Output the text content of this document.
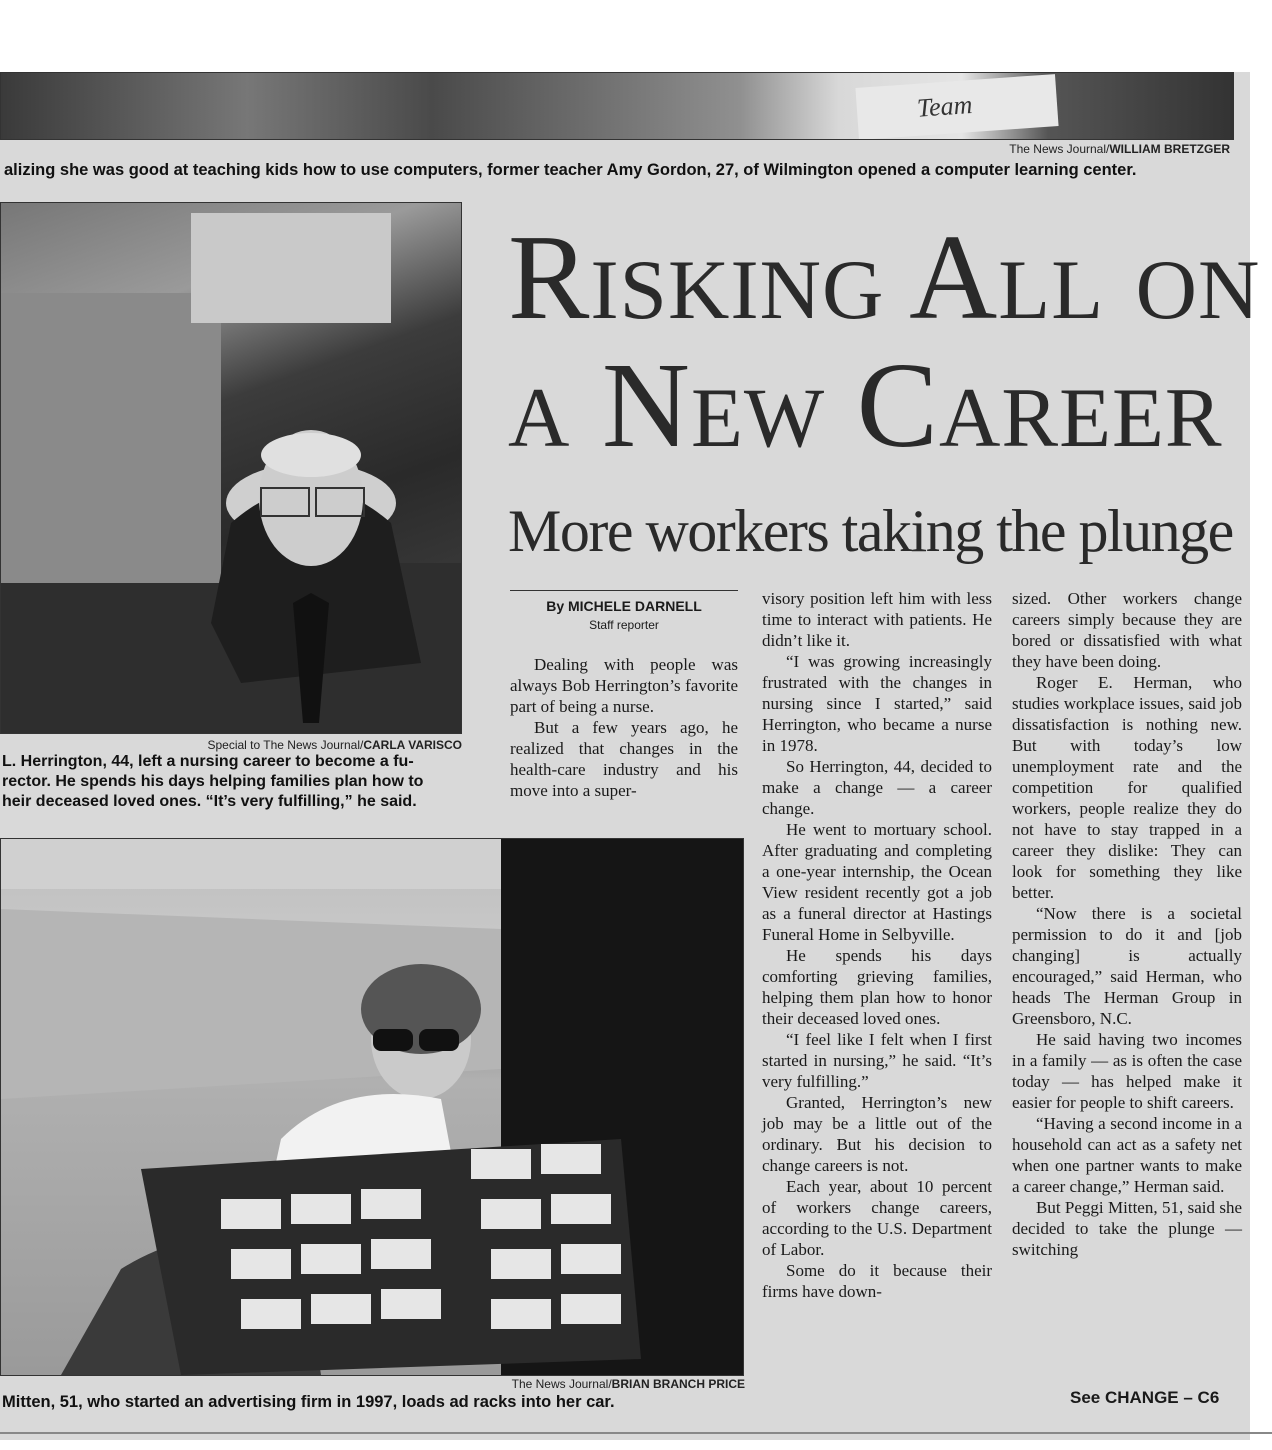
Team
The News Journal/WILLIAM BRETZGER
alizing she was good at teaching kids how to use computers, former teacher Amy Gordon, 27, of Wilmington opened a computer learning center.
Special to The News Journal/CARLA VARISCO
L. Herrington, 44, left a nursing career to become a fu-
rector. He spends his days helping families plan how to
heir deceased loved ones. “It’s very fulfilling,” he said.
The News Journal/BRIAN BRANCH PRICE
Mitten, 51, who started an advertising firm in 1997, loads ad racks into her car.
Risking All on
a New Career
More workers taking the plunge
By MICHELE DARNELL
Staff reporter

Dealing with people was always Bob Herrington’s favorite part of being a nurse.

But a few years ago, he realized that changes in the health-care industry and his move into a super-

visory position left him with less time to interact with patients. He didn’t like it.

“I was growing increasingly frustrated with the changes in nursing since I started,” said Herrington, who became a nurse in 1978.

So Herrington, 44, decided to make a change — a career change.

He went to mortuary school. After graduating and completing a one-year internship, the Ocean View resident recently got a job as a funeral director at Hastings Funeral Home in Selbyville.

He spends his days comforting grieving families, helping them plan how to honor their deceased loved ones.

“I feel like I felt when I first started in nursing,” he said. “It’s very fulfilling.”

Granted, Herrington’s new job may be a little out of the ordinary. But his decision to change careers is not.

Each year, about 10 percent of workers change careers, according to the U.S. Department of Labor.

Some do it because their firms have down-

sized. Other workers change careers simply because they are bored or dissatisfied with what they have been doing.

Roger E. Herman, who studies workplace issues, said job dissatisfaction is nothing new. But with today’s low unemployment rate and the competition for qualified workers, people realize they do not have to stay trapped in a career they dislike: They can look for something they like better.

“Now there is a societal permission to do it and [job changing] is actually encouraged,” said Herman, who heads The Herman Group in Greensboro, N.C.

He said having two incomes in a family — as is often the case today — has helped make it easier for people to shift careers.

“Having a second income in a household can act as a safety net when one partner wants to make a career change,” Herman said.

But Peggi Mitten, 51, said she decided to take the plunge — switching

See CHANGE – C6
